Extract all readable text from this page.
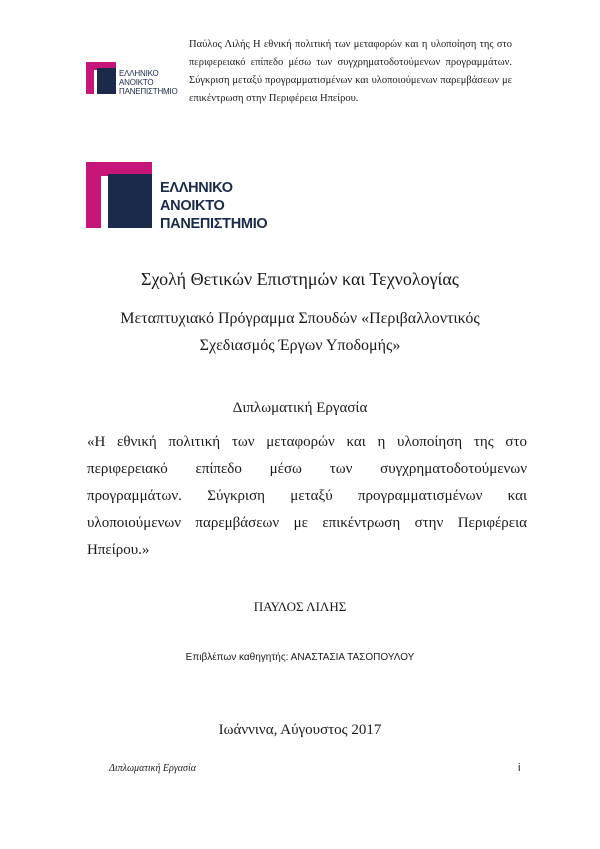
ΕΛΛΗΝΙΚΟ
ΑΝΟΙΚΤΟ
ΠΑΝΕΠΙΣΤΗΜΙΟ

Παύλος Λιλής Η εθνική πολιτική των μεταφορών και η υλοποίηση της στο περιφερειακό επίπεδο μέσω των συγχρηματοδοτούμενων προγραμμάτων. Σύγκριση μεταξύ προγραμματισμένων και υλοποιούμενων παρεμβάσεων με επικέντρωση στην Περιφέρεια Ηπείρου.

ΕΛΛΗΝΙΚΟ
ΑΝΟΙΚΤΟ
ΠΑΝΕΠΙΣΤΗΜΙΟ

Σχολή Θετικών Επιστημών και Τεχνολογίας

Μεταπτυχιακό Πρόγραμμα Σπουδών «Περιβαλλοντικός
Σχεδιασμός Έργων Υποδομής»

Διπλωματική Εργασία

«Η εθνική πολιτική των μεταφορών και η υλοποίηση της στο
περιφερειακό επίπεδο μέσω των συγχρηματοδοτούμενων
προγραμμάτων. Σύγκριση μεταξύ προγραμματισμένων και
υλοποιούμενων παρεμβάσεων με επικέντρωση στην Περιφέρεια
Ηπείρου.»

ΠΑΥΛΟΣ ΛΙΛΗΣ

Επιβλέπων καθηγητής: ΑΝΑΣΤΑΣΙΑ ΤΑΣΟΠΟΥΛΟΥ

Ιωάννινα, Αύγουστος 2017

Διπλωματική Εργασία	i
